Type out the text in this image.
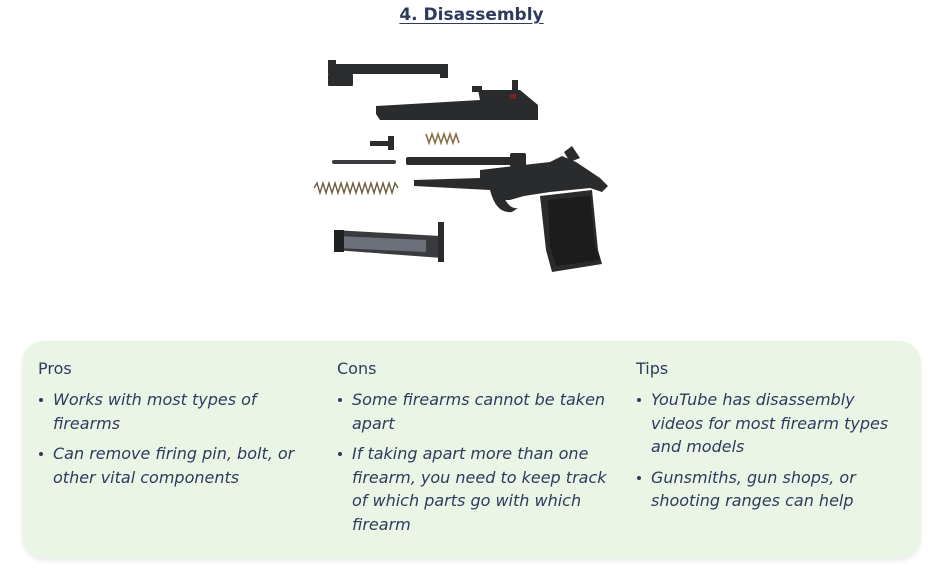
4. Disassembly
Pros
Works with most types of firearms
Can remove firing pin, bolt, or other vital components
Cons
Some firearms cannot be taken apart
If taking apart more than one firearm, you need to keep track of which parts go with which firearm
Tips
YouTube has disassembly videos for most firearm types and models
Gunsmiths, gun shops, or shooting ranges can help
